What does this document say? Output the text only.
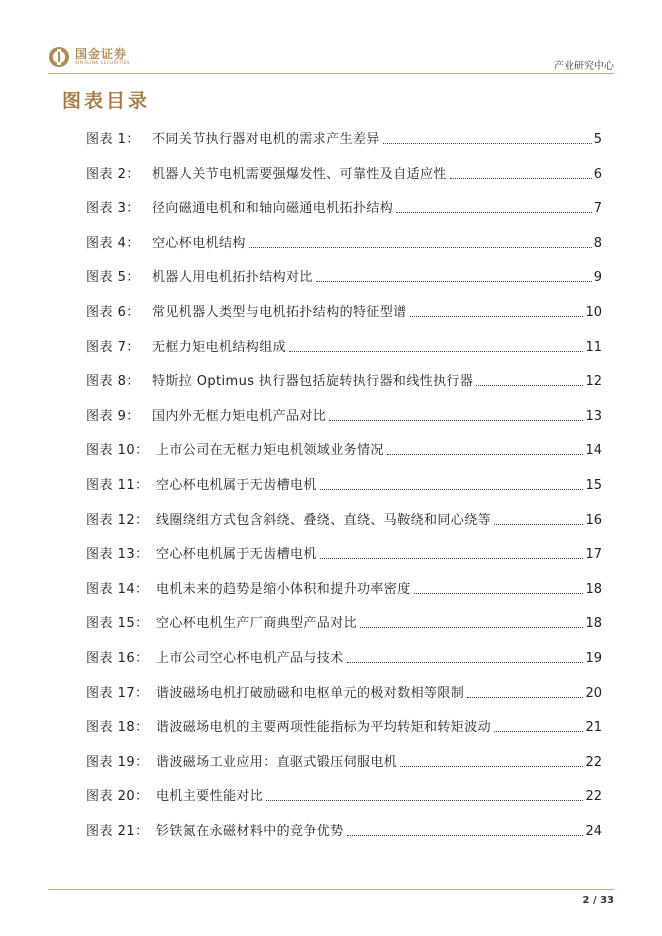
国金证券
SINOLINK SECURITIES	产业研究中心
图表目录
图表 1： 不同关节执行器对电机的需求产生差异	5
图表 2： 机器人关节电机需要强爆发性、可靠性及自适应性	6
图表 3： 径向磁通电机和和轴向磁通电机拓扑结构	7
图表 4： 空心杯电机结构	8
图表 5： 机器人用电机拓扑结构对比	9
图表 6： 常见机器人类型与电机拓扑结构的特征型谱	10
图表 7： 无框力矩电机结构组成	11
图表 8： 特斯拉 Optimus 执行器包括旋转执行器和线性执行器	12
图表 9： 国内外无框力矩电机产品对比	13
图表 10： 上市公司在无框力矩电机领域业务情况	14
图表 11： 空心杯电机属于无齿槽电机	15
图表 12： 线圈绕组方式包含斜绕、叠绕、直绕、马鞍绕和同心绕等	16
图表 13： 空心杯电机属于无齿槽电机	17
图表 14： 电机未来的趋势是缩小体积和提升功率密度	18
图表 15： 空心杯电机生产厂商典型产品对比	18
图表 16： 上市公司空心杯电机产品与技术	19
图表 17： 谐波磁场电机打破励磁和电枢单元的极对数相等限制	20
图表 18： 谐波磁场电机的主要两项性能指标为平均转矩和转矩波动	21
图表 19： 谐波磁场工业应用：直驱式锻压伺服电机	22
图表 20： 电机主要性能对比	22
图表 21： 钐铁氮在永磁材料中的竞争优势	24
2 / 33
